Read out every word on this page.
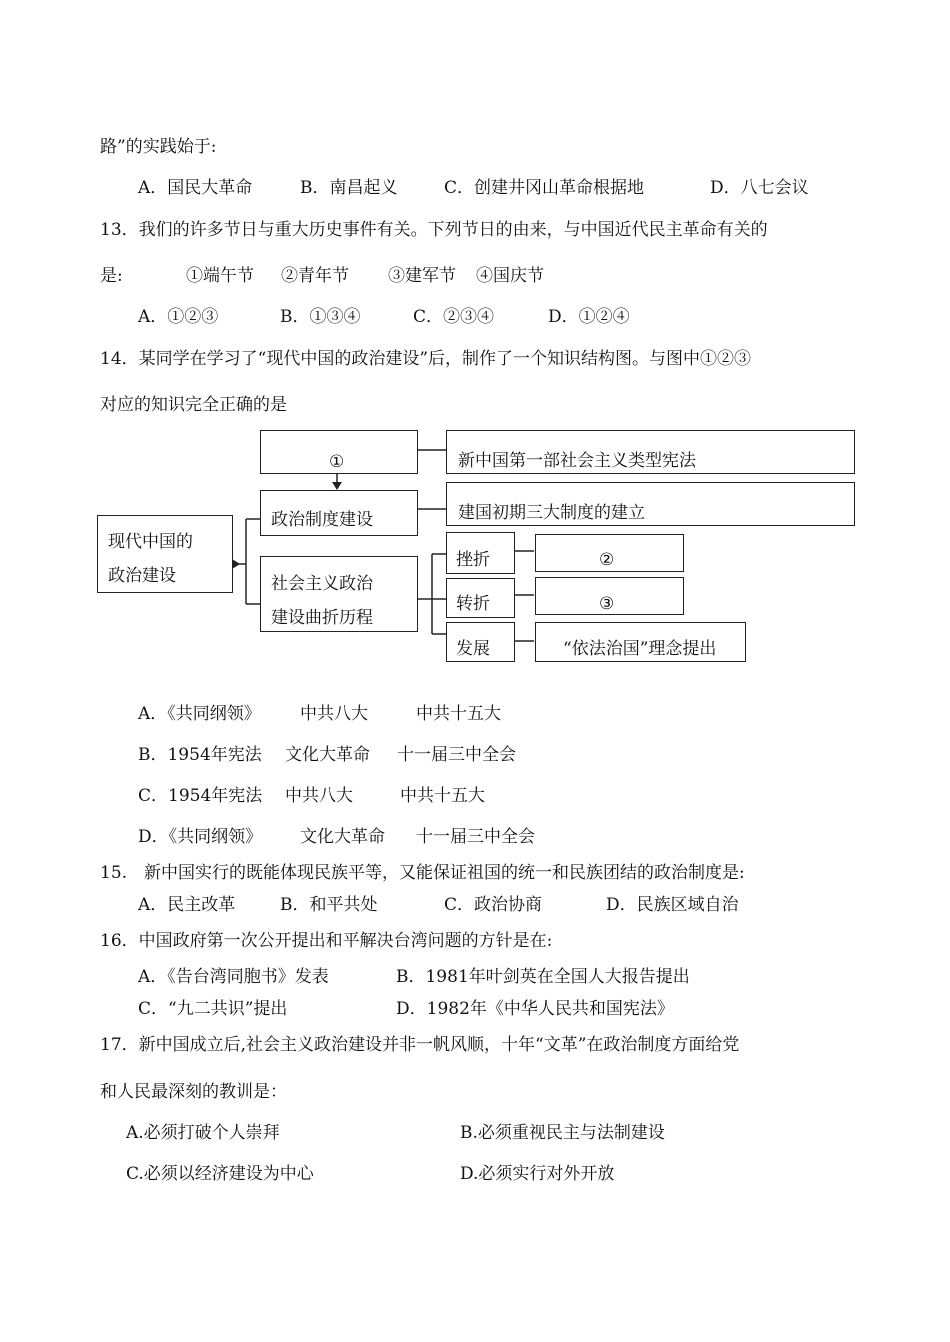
路”的实践始于:
A．国民大革命	B．南昌起义	C．创建井冈山革命根据地	D．八七会议
13．我们的许多节日与重大历史事件有关。下列节日的由来，与中国近代民主革命有关的
是:	①端午节 ②青年节 ③建军节 ④国庆节
A．①②③	B．①③④	C．②③④	D．①②④
14．某同学在学习了“现代中国的政治建设”后，制作了一个知识结构图。与图中①②③
对应的知识完全正确的是
现代中国的
政治建设
①	新中国第一部社会主义类型宪法
政治制度建设	建国初期三大制度的建立
社会主义政治
建设曲折历程
挫折
转折
发展
②
③
“依法治国”理念提出
A．《共同纲领》 中共八大	中共十五大
B．1954年宪法 文化大革命 十一届三中全会
C．1954年宪法 中共八大	中共十五大
D．《共同纲领》 文化大革命 十一届三中全会
15.　新中国实行的既能体现民族平等，又能保证祖国的统一和民族团结的政治制度是:
A．民主改革	B．和平共处	C．政治协商	D．民族区域自治
16．中国政府第一次公开提出和平解决台湾问题的方针是在:
A．《告台湾同胞书》发表	B．1981年叶剑英在全国人大报告提出
C．“九二共识”提出	D．1982年《中华人民共和国宪法》
17．新中国成立后,社会主义政治建设并非一帆风顺，十年“文革”在政治制度方面给党
和人民最深刻的教训是：
A.必须打破个人崇拜	B.必须重视民主与法制建设
C.必须以经济建设为中心	D.必须实行对外开放
